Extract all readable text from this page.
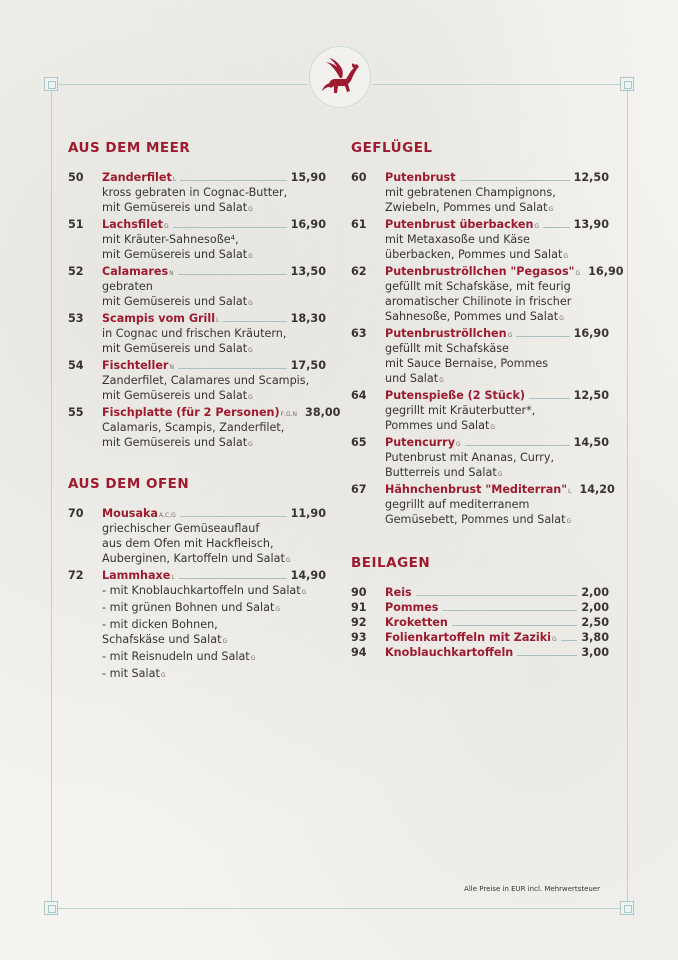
AUS DEM MEER
50	Zanderfilet L	15,90
kross gebraten in Cognac-Butter,
mit Gemüsereis und SalatG
51	Lachsfilet G	16,90
mit Kräuter-Sahnesoße⁴,
mit Gemüsereis und SalatG
52	Calamares N	13,50
gebraten
mit Gemüsereis und SalatG
53	Scampis vom Grill L	18,30
in Cognac und frischen Kräutern,
mit Gemüsereis und SalatG
54	Fischteller N	17,50
Zanderfilet, Calamares und Scampis,
mit Gemüsereis und SalatG
55	Fischplatte (für 2 Personen) F,G,N 38,00
Calamaris, Scampis, Zanderfilet,
mit Gemüsereis und SalatG
AUS DEM OFEN
70	Mousaka A,C,G	11,90
griechischer Gemüseauflauf
aus dem Ofen mit Hackfleisch,
Auberginen, Kartoffeln und SalatG
72	Lammhaxe L	14,90
- mit Knoblauchkartoffeln und SalatG
- mit grünen Bohnen und SalatG
- mit dicken Bohnen,
Schafskäse und SalatG
- mit Reisnudeln und SalatG
- mit SalatG
GEFLÜGEL
60	Putenbrust	12,50
mit gebratenen Champignons,
Zwiebeln, Pommes und SalatG
61	Putenbrust überbacken G	13,90
mit Metaxasoße und Käse
überbacken, Pommes und SalatG
62	Putenbruströllchen "Pegasos" G 16,90
gefüllt mit Schafskäse, mit feurig
aromatischer Chilinote in frischer
Sahnesoße, Pommes und SalatG
63	Putenbruströllchen G	16,90
gefüllt mit Schafskäse
mit Sauce Bernaise, Pommes
und SalatG
64	Putenspieße (2 Stück)	12,50
gegrillt mit Kräuterbutter*,
Pommes und SalatG
65	Putencurry G	14,50
Putenbrust mit Ananas, Curry,
Butterreis und SalatG
67	Hähnchenbrust "Mediterran" L 14,20
gegrillt auf mediterranem
Gemüsebett, Pommes und SalatG
BEILAGEN
90	Reis	2,00
91	Pommes	2,00
92	Kroketten	2,50
93	Folienkartoffeln mit Zaziki G 3,80
94	Knoblauchkartoffeln	3,00
Alle Preise in EUR incl. Mehrwertsteuer
